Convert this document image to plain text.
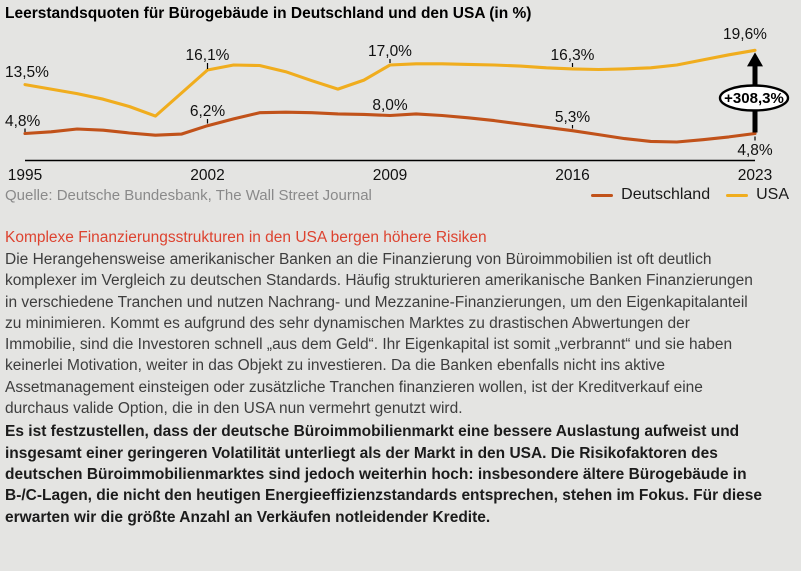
Leerstandsquoten für Bürogebäude in Deutschland und den USA (in %)
1995	2002	2009	2016	2023
4,8%
6,2%	8,0%
5,3%
4,8%
13,5%
16,1%	17,0%	16,3%
19,6%
+308,3%
Quelle: Deutsche Bundesbank, The Wall Street Journal	Deutschland	USA
Komplexe Finanzierungsstrukturen in den USA bergen höhere Risiken

Die Herangehensweise amerikanischer Banken an die Finanzierung von Büroimmobilien ist oft deutlich komplexer im Vergleich zu deutschen Standards. Häufig strukturieren amerikanische Banken Finanzierungen in verschiedene Tranchen und nutzen Nachrang- und Mezzanine-Finanzierungen, um den Eigenkapitalanteil zu minimieren. Kommt es aufgrund des sehr dynamischen Marktes zu drastischen Abwertungen der Immobilie, sind die Investoren schnell „aus dem Geld“. Ihr Eigenkapital ist somit „verbrannt“ und sie haben keinerlei Motivation, weiter in das Objekt zu investieren. Da die Banken ebenfalls nicht ins aktive Assetmanagement einsteigen oder zusätzliche Tranchen finanzieren wollen, ist der Kreditverkauf eine durchaus valide Option, die in den USA nun vermehrt genutzt wird.

Es ist festzustellen, dass der deutsche Büroimmobilienmarkt eine bessere Auslastung aufweist und insgesamt einer geringeren Volatilität unterliegt als der Markt in den USA. Die Risikofaktoren des deutschen Büroimmobilienmarktes sind jedoch weiterhin hoch: insbesondere ältere Bürogebäude in B-/C-Lagen, die nicht den heutigen Energieeffizienzstandards entsprechen, stehen im Fokus. Für diese erwarten wir die größte Anzahl an Verkäufen notleidender Kredite.
